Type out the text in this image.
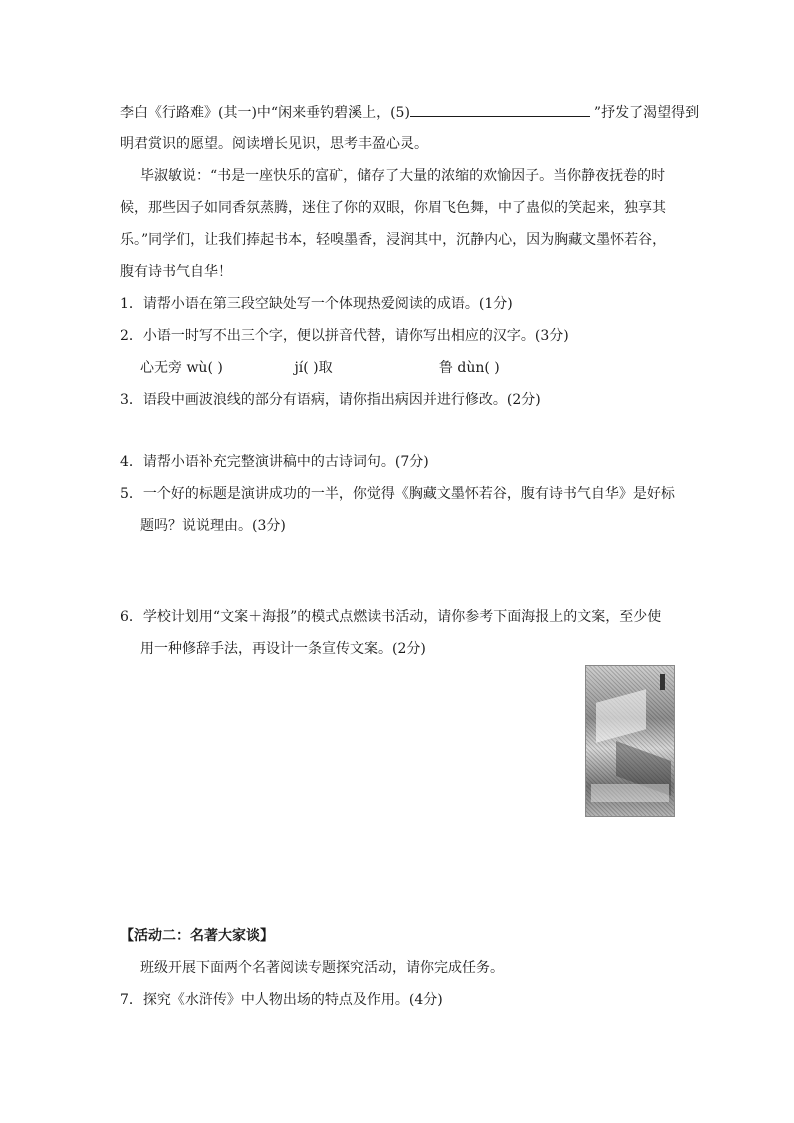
李白《行路难》(其一)中“闲来垂钓碧溪上，(5)	”抒发了渴望得到
明君赏识的愿望。阅读增长见识，思考丰盈心灵。
毕淑敏说：“书是一座快乐的富矿，储存了大量的浓缩的欢愉因子。当你静夜抚卷的时
候，那些因子如同香氛蒸腾，迷住了你的双眼，你眉飞色舞，中了蛊似的笑起来，独享其
乐。”同学们，让我们捧起书本，轻嗅墨香，浸润其中，沉静内心，因为胸藏文墨怀若谷，
腹有诗书气自华！
1．请帮小语在第三段空缺处写一个体现热爱阅读的成语。(1分)
2．小语一时写不出三个字，便以拼音代替，请你写出相应的汉字。(3分)
心无旁 wù( )	jí( )取	鲁 dùn( )
3．语段中画波浪线的部分有语病，请你指出病因并进行修改。(2分)
4．请帮小语补充完整演讲稿中的古诗词句。(7分)
5．一个好的标题是演讲成功的一半，你觉得《胸藏文墨怀若谷，腹有诗书气自华》是好标
题吗？说说理由。(3分)
6．学校计划用“文案＋海报”的模式点燃读书活动，请你参考下面海报上的文案，至少使
用一种修辞手法，再设计一条宣传文案。(2分)
【活动二：名著大家谈】
班级开展下面两个名著阅读专题探究活动，请你完成任务。
7．探究《水浒传》中人物出场的特点及作用。(4分)
